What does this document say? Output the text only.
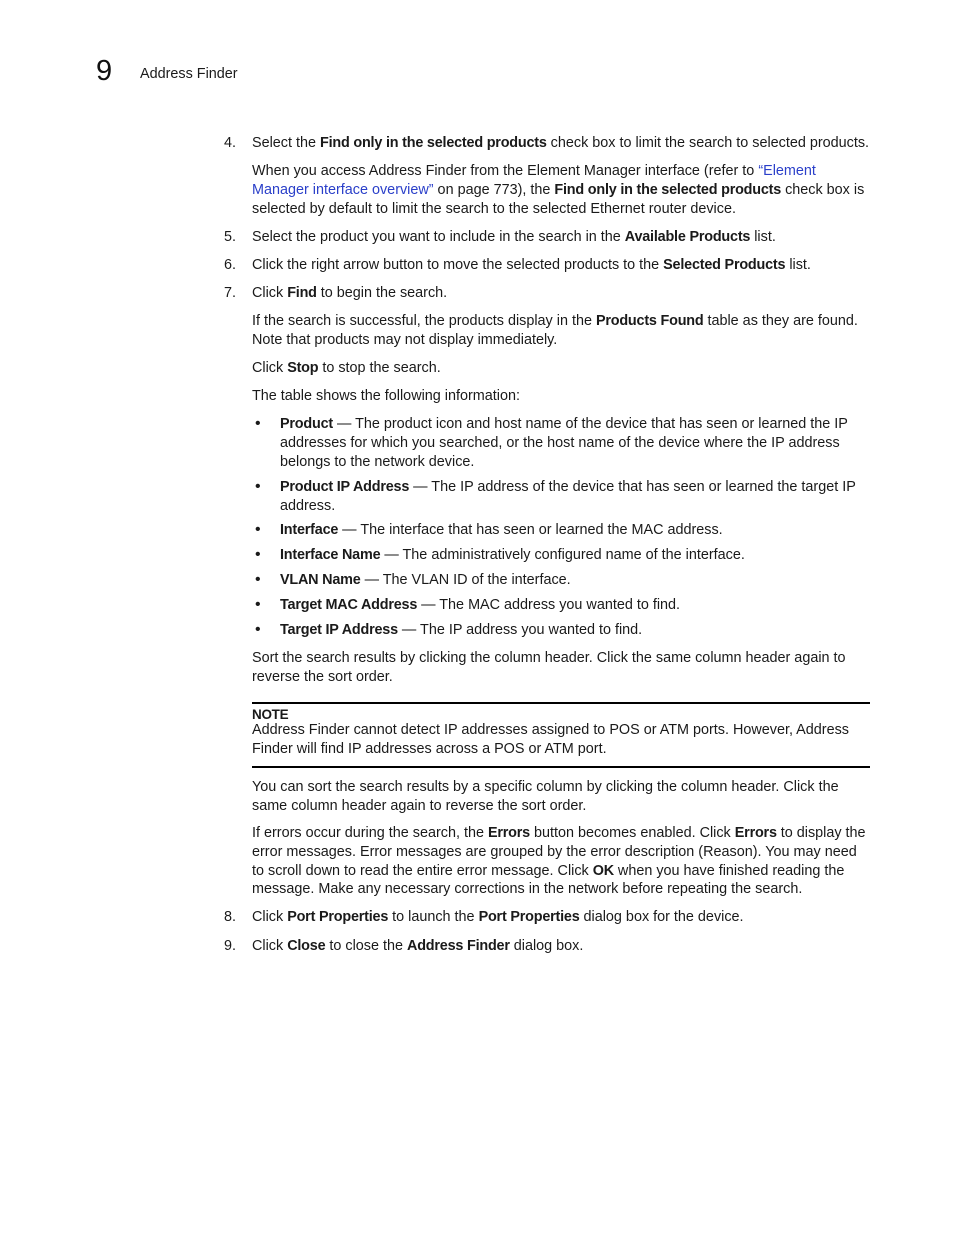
9 Address Finder
4. Select the Find only in the selected products check box to limit the search to selected products.
When you access Address Finder from the Element Manager interface (refer to “Element Manager interface overview” on page 773), the Find only in the selected products check box is selected by default to limit the search to the selected Ethernet router device.
5. Select the product you want to include in the search in the Available Products list.
6. Click the right arrow button to move the selected products to the Selected Products list.
7. Click Find to begin the search.
If the search is successful, the products display in the Products Found table as they are found. Note that products may not display immediately.
Click Stop to stop the search.
The table shows the following information:
• Product — The product icon and host name of the device that has seen or learned the IP addresses for which you searched, or the host name of the device where the IP address belongs to the network device.
• Product IP Address — The IP address of the device that has seen or learned the target IP address.
• Interface — The interface that has seen or learned the MAC address.
• Interface Name — The administratively configured name of the interface.
• VLAN Name — The VLAN ID of the interface.
• Target MAC Address — The MAC address you wanted to find.
• Target IP Address — The IP address you wanted to find.
Sort the search results by clicking the column header. Click the same column header again to reverse the sort order.
NOTE
Address Finder cannot detect IP addresses assigned to POS or ATM ports. However, Address Finder will find IP addresses across a POS or ATM port.
You can sort the search results by a specific column by clicking the column header. Click the same column header again to reverse the sort order.
If errors occur during the search, the Errors button becomes enabled. Click Errors to display the error messages. Error messages are grouped by the error description (Reason). You may need to scroll down to read the entire error message. Click OK when you have finished reading the message. Make any necessary corrections in the network before repeating the search.
8. Click Port Properties to launch the Port Properties dialog box for the device.
9. Click Close to close the Address Finder dialog box.
